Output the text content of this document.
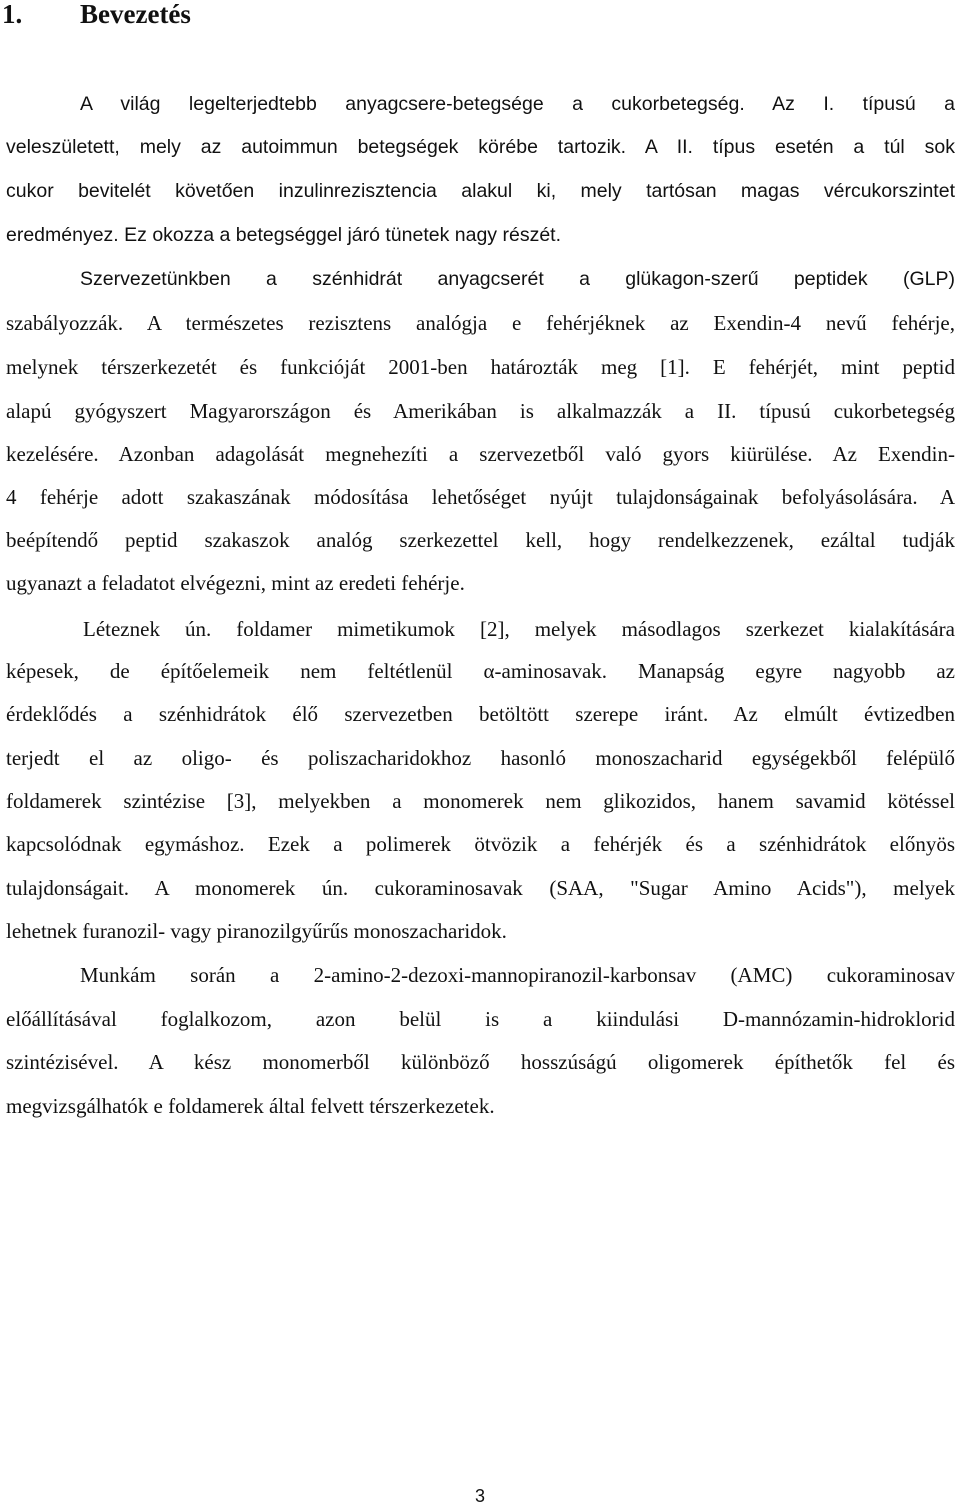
1. Bevezetés
A világ legelterjedtebb anyagcsere-betegsége a cukorbetegség. Az I. típusú a
veleszületett, mely az autoimmun betegségek körébe tartozik. A II. típus esetén a túl sok
cukor bevitelét követően inzulinrezisztencia alakul ki, mely tartósan magas vércukorszintet
eredményez. Ez okozza a betegséggel járó tünetek nagy részét.
Szervezetünkben a szénhidrát anyagcserét a glükagon-szerű peptidek (GLP)
szabályozzák. A természetes rezisztens analógja e fehérjéknek az Exendin-4 nevű fehérje,
melynek térszerkezetét és funkcióját 2001-ben határozták meg [1]. E fehérjét, mint peptid
alapú gyógyszert Magyarországon és Amerikában is alkalmazzák a II. típusú cukorbetegség
kezelésére. Azonban adagolását megnehezíti a szervezetből való gyors kiürülése. Az Exendin-
4 fehérje adott szakaszának módosítása lehetőséget nyújt tulajdonságainak befolyásolására. A
beépítendő peptid szakaszok analóg szerkezettel kell, hogy rendelkezzenek, ezáltal tudják
ugyanazt a feladatot elvégezni, mint az eredeti fehérje.
Léteznek ún. foldamer mimetikumok [2], melyek másodlagos szerkezet kialakítására
képesek, de építőelemeik nem feltétlenül α-aminosavak. Manapság egyre nagyobb az
érdeklődés a szénhidrátok élő szervezetben betöltött szerepe iránt. Az elmúlt évtizedben
terjedt el az oligo- és poliszacharidokhoz hasonló monoszacharid egységekből felépülő
foldamerek szintézise [3], melyekben a monomerek nem glikozidos, hanem savamid kötéssel
kapcsolódnak egymáshoz. Ezek a polimerek ötvözik a fehérjék és a szénhidrátok előnyös
tulajdonságait. A monomerek ún. cukoraminosavak (SAA, "Sugar Amino Acids"), melyek
lehetnek furanozil- vagy piranozilgyűrűs monoszacharidok.
Munkám során a 2-amino-2-dezoxi-mannopiranozil-karbonsav (AMC) cukoraminosav
előállításával foglalkozom, azon belül is a kiindulási D-mannózamin-hidroklorid
szintézisével. A kész monomerből különböző hosszúságú oligomerek építhetők fel és
megvizsgálhatók e foldamerek által felvett térszerkezetek.
3
